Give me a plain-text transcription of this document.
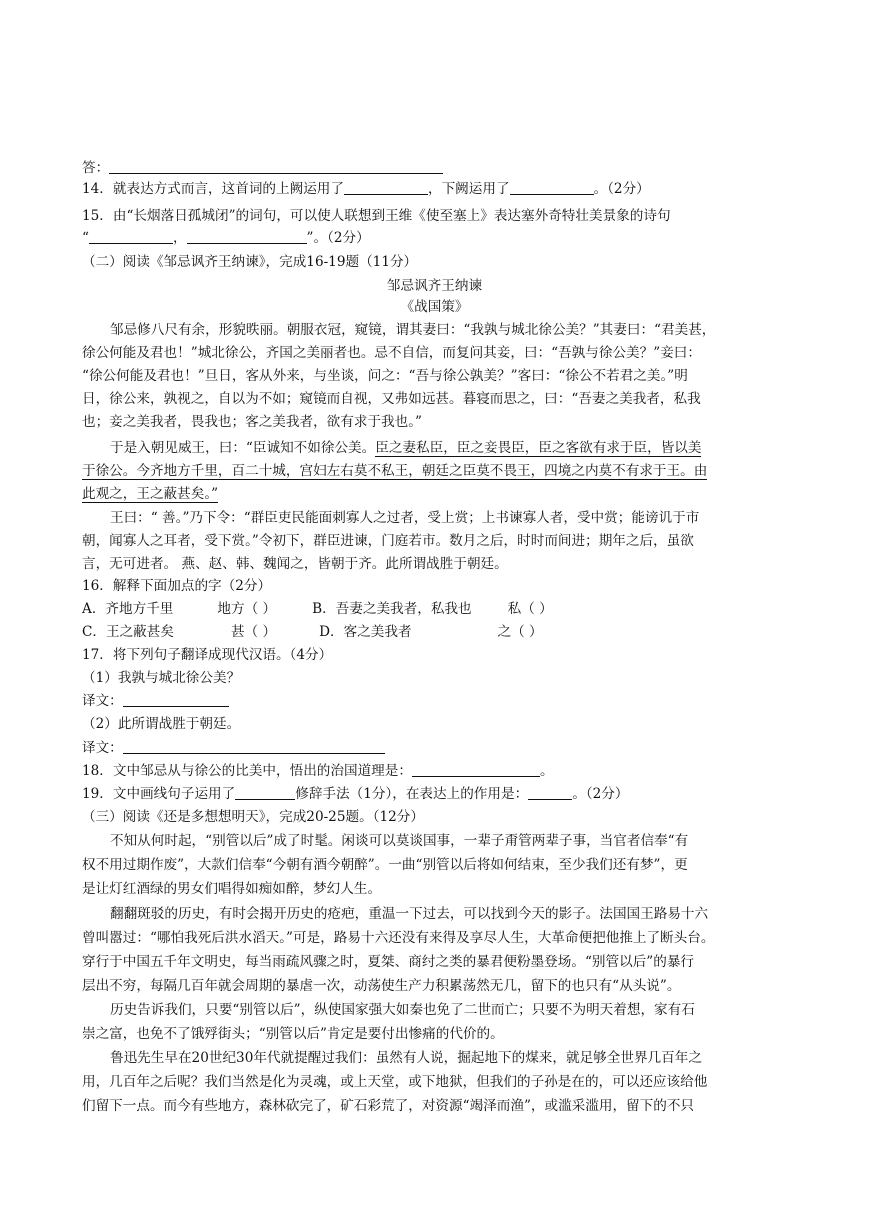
答：
14．就表达方式而言，这首词的上阙运用了	，下阙运用了	。（2分）
15．由“长烟落日孤城闭”的词句，可以使人联想到王维《使至塞上》表达塞外奇特壮美景象的诗句
“	，	”。（2分）
（二）阅读《邹忌讽齐王纳谏》，完成16-19题（11分）
邹忌讽齐王纳谏
《战国策》
邹忌修八尺有余，形貌昳丽。朝服衣冠，窥镜，谓其妻曰：“我孰与城北徐公美？”其妻曰：“君美甚，
徐公何能及君也！”城北徐公，齐国之美丽者也。忌不自信，而复问其妾，曰：“吾孰与徐公美？”妾曰：
“徐公何能及君也！”旦日，客从外来，与坐谈，问之：“吾与徐公孰美？”客曰：“徐公不若君之美。”明
日，徐公来，孰视之，自以为不如；窥镜而自视，又弗如远甚。暮寝而思之，曰：“吾妻之美我者，私我
也；妾之美我者，畏我也；客之美我者，欲有求于我也。”
于是入朝见威王，曰：“臣诚知不如徐公美。臣之妻私臣，臣之妾畏臣，臣之客欲有求于臣，皆以美
于徐公。今齐地方千里，百二十城，宫妇左右莫不私王，朝廷之臣莫不畏王，四境之内莫不有求于王。由
此观之，王之蔽甚矣。”
王曰：“ 善。”乃下令：“群臣吏民能面刺寡人之过者，受上赏；上书谏寡人者，受中赏；能谤讥于市
朝，闻寡人之耳者，受下赏。”令初下，群臣进谏，门庭若市。数月之后，时时而间进；期年之后，虽欲
言，无可进者。 燕、赵、韩、魏闻之，皆朝于齐。此所谓战胜于朝廷。
16．解释下面加点的字（2分）
A．齐地方千里	地方（ ）	B．吾妻之美我者，私我也	私（ ）
C．王之蔽甚矣	甚（ ）	D．客之美我者	之（ ）
17．将下列句子翻译成现代汉语。（4分）
（1）我孰与城北徐公美？
译文：
（2）此所谓战胜于朝廷。
译文：
18．文中邹忌从与徐公的比美中，悟出的治国道理是：	。
19．文中画线句子运用了	修辞手法（1分），在表达上的作用是：	。（2分）
（三）阅读《还是多想想明天》，完成20-25题。（12分）
不知从何时起，“别管以后”成了时髦。闲谈可以莫谈国事，一辈子甭管两辈子事，当官者信奉“有
权不用过期作废”，大款们信奉“今朝有酒今朝醉”。一曲“别管以后将如何结束，至少我们还有梦”，更
是让灯红酒绿的男女们唱得如痴如醉，梦幻人生。
翻翻斑驳的历史，有时会揭开历史的疮疤，重温一下过去，可以找到今天的影子。法国国王路易十六
曾叫嚣过：“哪怕我死后洪水滔天。”可是，路易十六还没有来得及享尽人生，大革命便把他推上了断头台。
穿行于中国五千年文明史，每当雨疏风骤之时，夏桀、商纣之类的暴君便粉墨登场。“别管以后”的暴行
层出不穷，每隔几百年就会周期的暴虐一次，动荡使生产力积累荡然无几，留下的也只有“从头说”。
历史告诉我们，只要“别管以后”，纵使国家强大如秦也免了二世而亡；只要不为明天着想，家有石
崇之富，也免不了饿殍街头；“别管以后”肯定是要付出惨痛的代价的。
鲁迅先生早在20世纪30年代就提醒过我们：虽然有人说，掘起地下的煤来，就足够全世界几百年之
用，几百年之后呢？我们当然是化为灵魂，或上天堂，或下地狱，但我们的子孙是在的，可以还应该给他
们留下一点。而今有些地方，森林砍完了，矿石彩荒了，对资源“竭泽而渔”，或滥采滥用，留下的不只
